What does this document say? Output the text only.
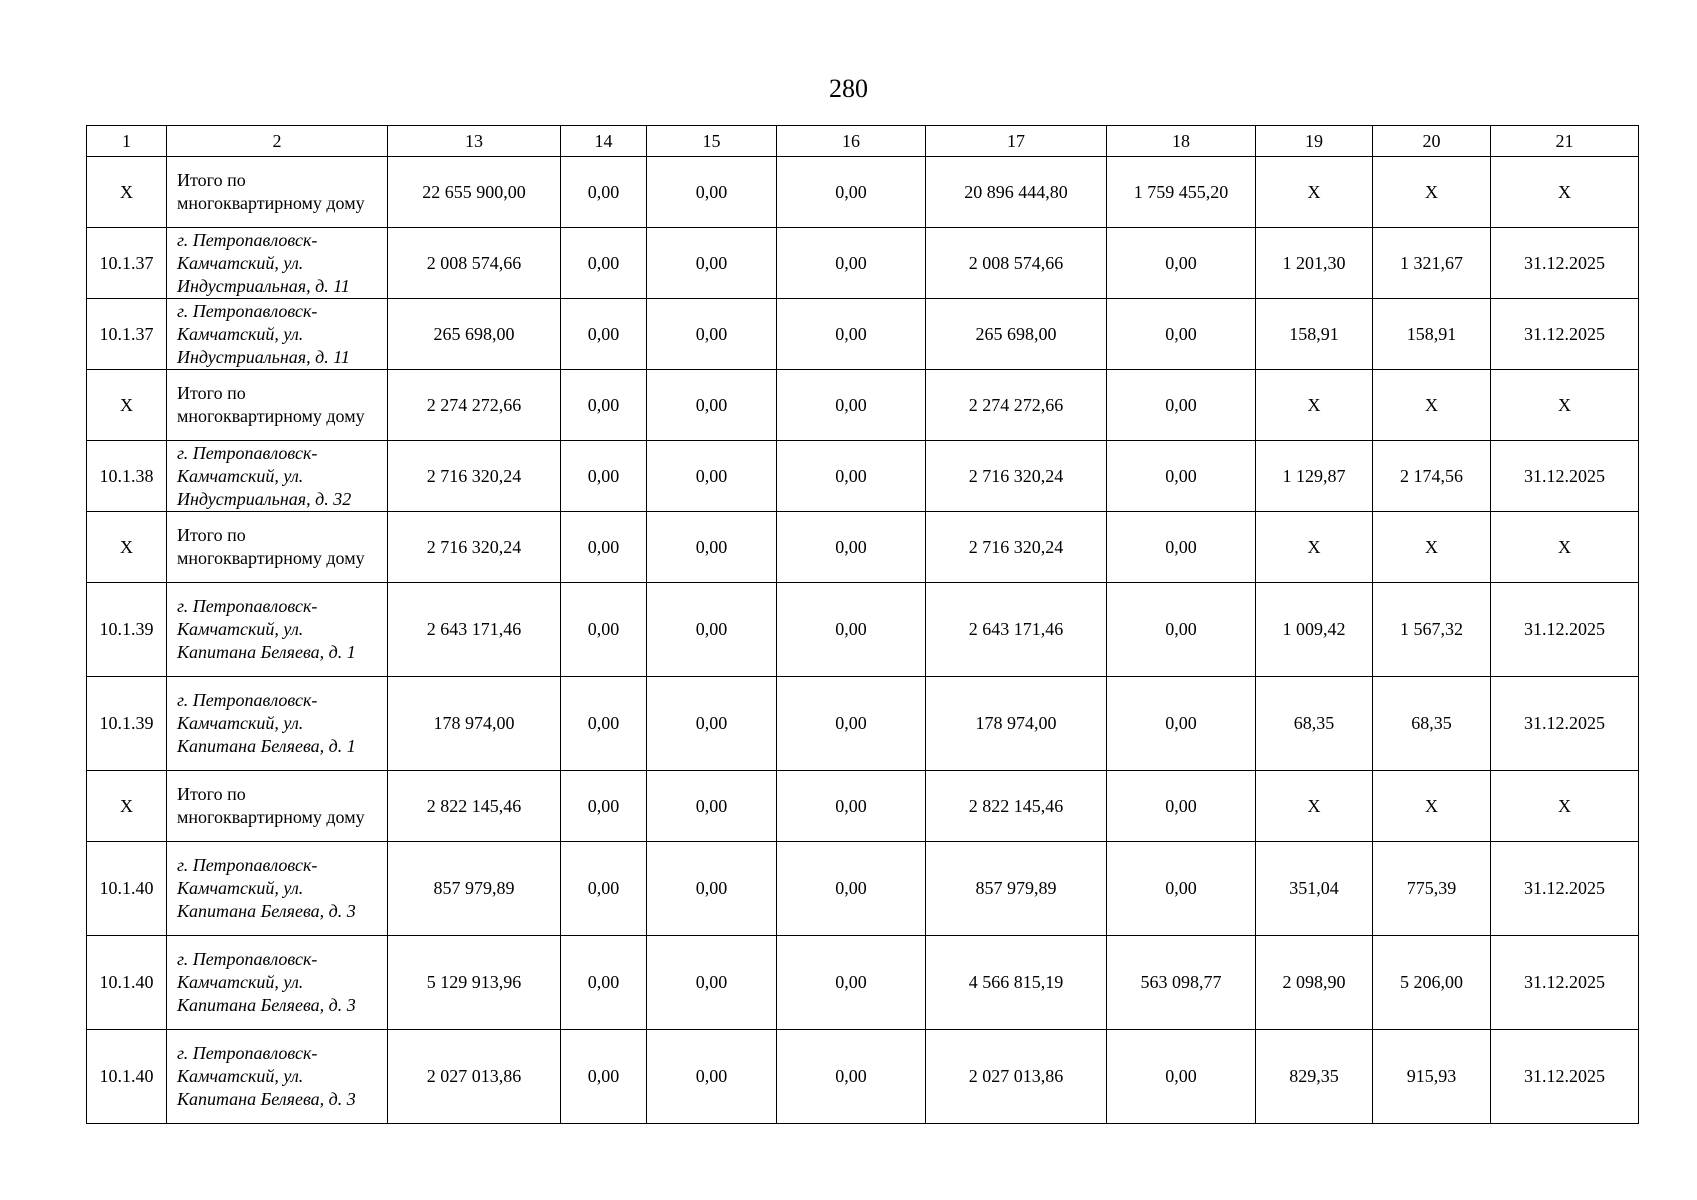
280
1	2	13	14	15	16	17	18	19	20	21
Х	Итого по многоквартирному дому	22 655 900,00	0,00	0,00	0,00	20 896 444,80	1 759 455,20	Х	Х	Х
10.1.37	г. Петропавловск-Камчатский, ул. Индустриальная, д. 11	2 008 574,66	0,00	0,00	0,00	2 008 574,66	0,00	1 201,30	1 321,67	31.12.2025
10.1.37	г. Петропавловск-Камчатский, ул. Индустриальная, д. 11	265 698,00	0,00	0,00	0,00	265 698,00	0,00	158,91	158,91	31.12.2025
Х	Итого по многоквартирному дому	2 274 272,66	0,00	0,00	0,00	2 274 272,66	0,00	Х	Х	Х
10.1.38	г. Петропавловск-Камчатский, ул. Индустриальная, д. 32	2 716 320,24	0,00	0,00	0,00	2 716 320,24	0,00	1 129,87	2 174,56	31.12.2025
Х	Итого по многоквартирному дому	2 716 320,24	0,00	0,00	0,00	2 716 320,24	0,00	Х	Х	Х
10.1.39	г. Петропавловск-Камчатский, ул. Капитана Беляева, д. 1	2 643 171,46	0,00	0,00	0,00	2 643 171,46	0,00	1 009,42	1 567,32	31.12.2025
10.1.39	г. Петропавловск-Камчатский, ул. Капитана Беляева, д. 1	178 974,00	0,00	0,00	0,00	178 974,00	0,00	68,35	68,35	31.12.2025
Х	Итого по многоквартирному дому	2 822 145,46	0,00	0,00	0,00	2 822 145,46	0,00	Х	Х	Х
10.1.40	г. Петропавловск-Камчатский, ул. Капитана Беляева, д. 3	857 979,89	0,00	0,00	0,00	857 979,89	0,00	351,04	775,39	31.12.2025
10.1.40	г. Петропавловск-Камчатский, ул. Капитана Беляева, д. 3	5 129 913,96	0,00	0,00	0,00	4 566 815,19	563 098,77	2 098,90	5 206,00	31.12.2025
10.1.40	г. Петропавловск-Камчатский, ул. Капитана Беляева, д. 3	2 027 013,86	0,00	0,00	0,00	2 027 013,86	0,00	829,35	915,93	31.12.2025
